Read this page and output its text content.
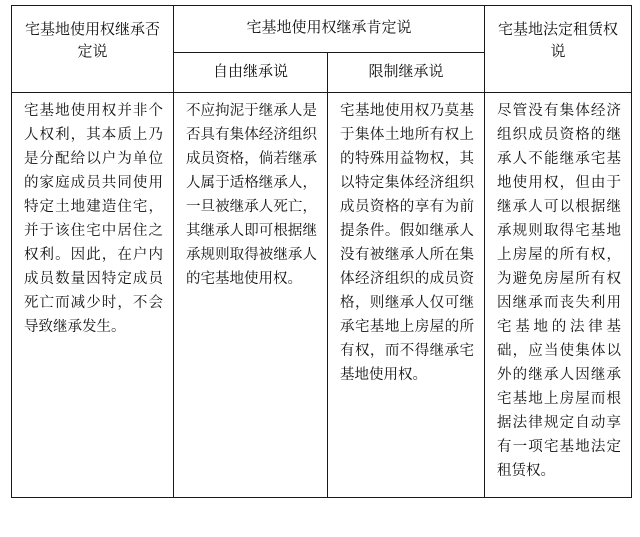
宅基地使用权继承否定说	宅基地使用权继承肯定说		宅基地法定租赁权说
	自由继承说	限制继承说	
宅基地使用权并非个人权利，其本质上乃是分配给以户为单位的家庭成员共同使用特定土地建造住宅，并于该住宅中居住之权利。因此，在户内成员数量因特定成员死亡而减少时，不会导致继承发生。	不应拘泥于继承人是否具有集体经济组织成员资格，倘若继承人属于适格继承人，一旦被继承人死亡，其继承人即可根据继承规则取得被继承人的宅基地使用权。	宅基地使用权乃莫基于集体土地所有权上的特殊用益物权，其以特定集体经济组织成员资格的享有为前提条件。假如继承人没有被继承人所在集体经济组织的成员资格，则继承人仅可继承宅基地上房屋的所有权，而不得继承宅基地使用权。	尽管没有集体经济组织成员资格的继承人不能继承宅基地使用权，但由于继承人可以根据继承规则取得宅基地上房屋的所有权，为避免房屋所有权因继承而丧失利用宅基地的法律基础，应当使集体以外的继承人因继承宅基地上房屋而根据法律规定自动享有一项宅基地法定租赁权。
